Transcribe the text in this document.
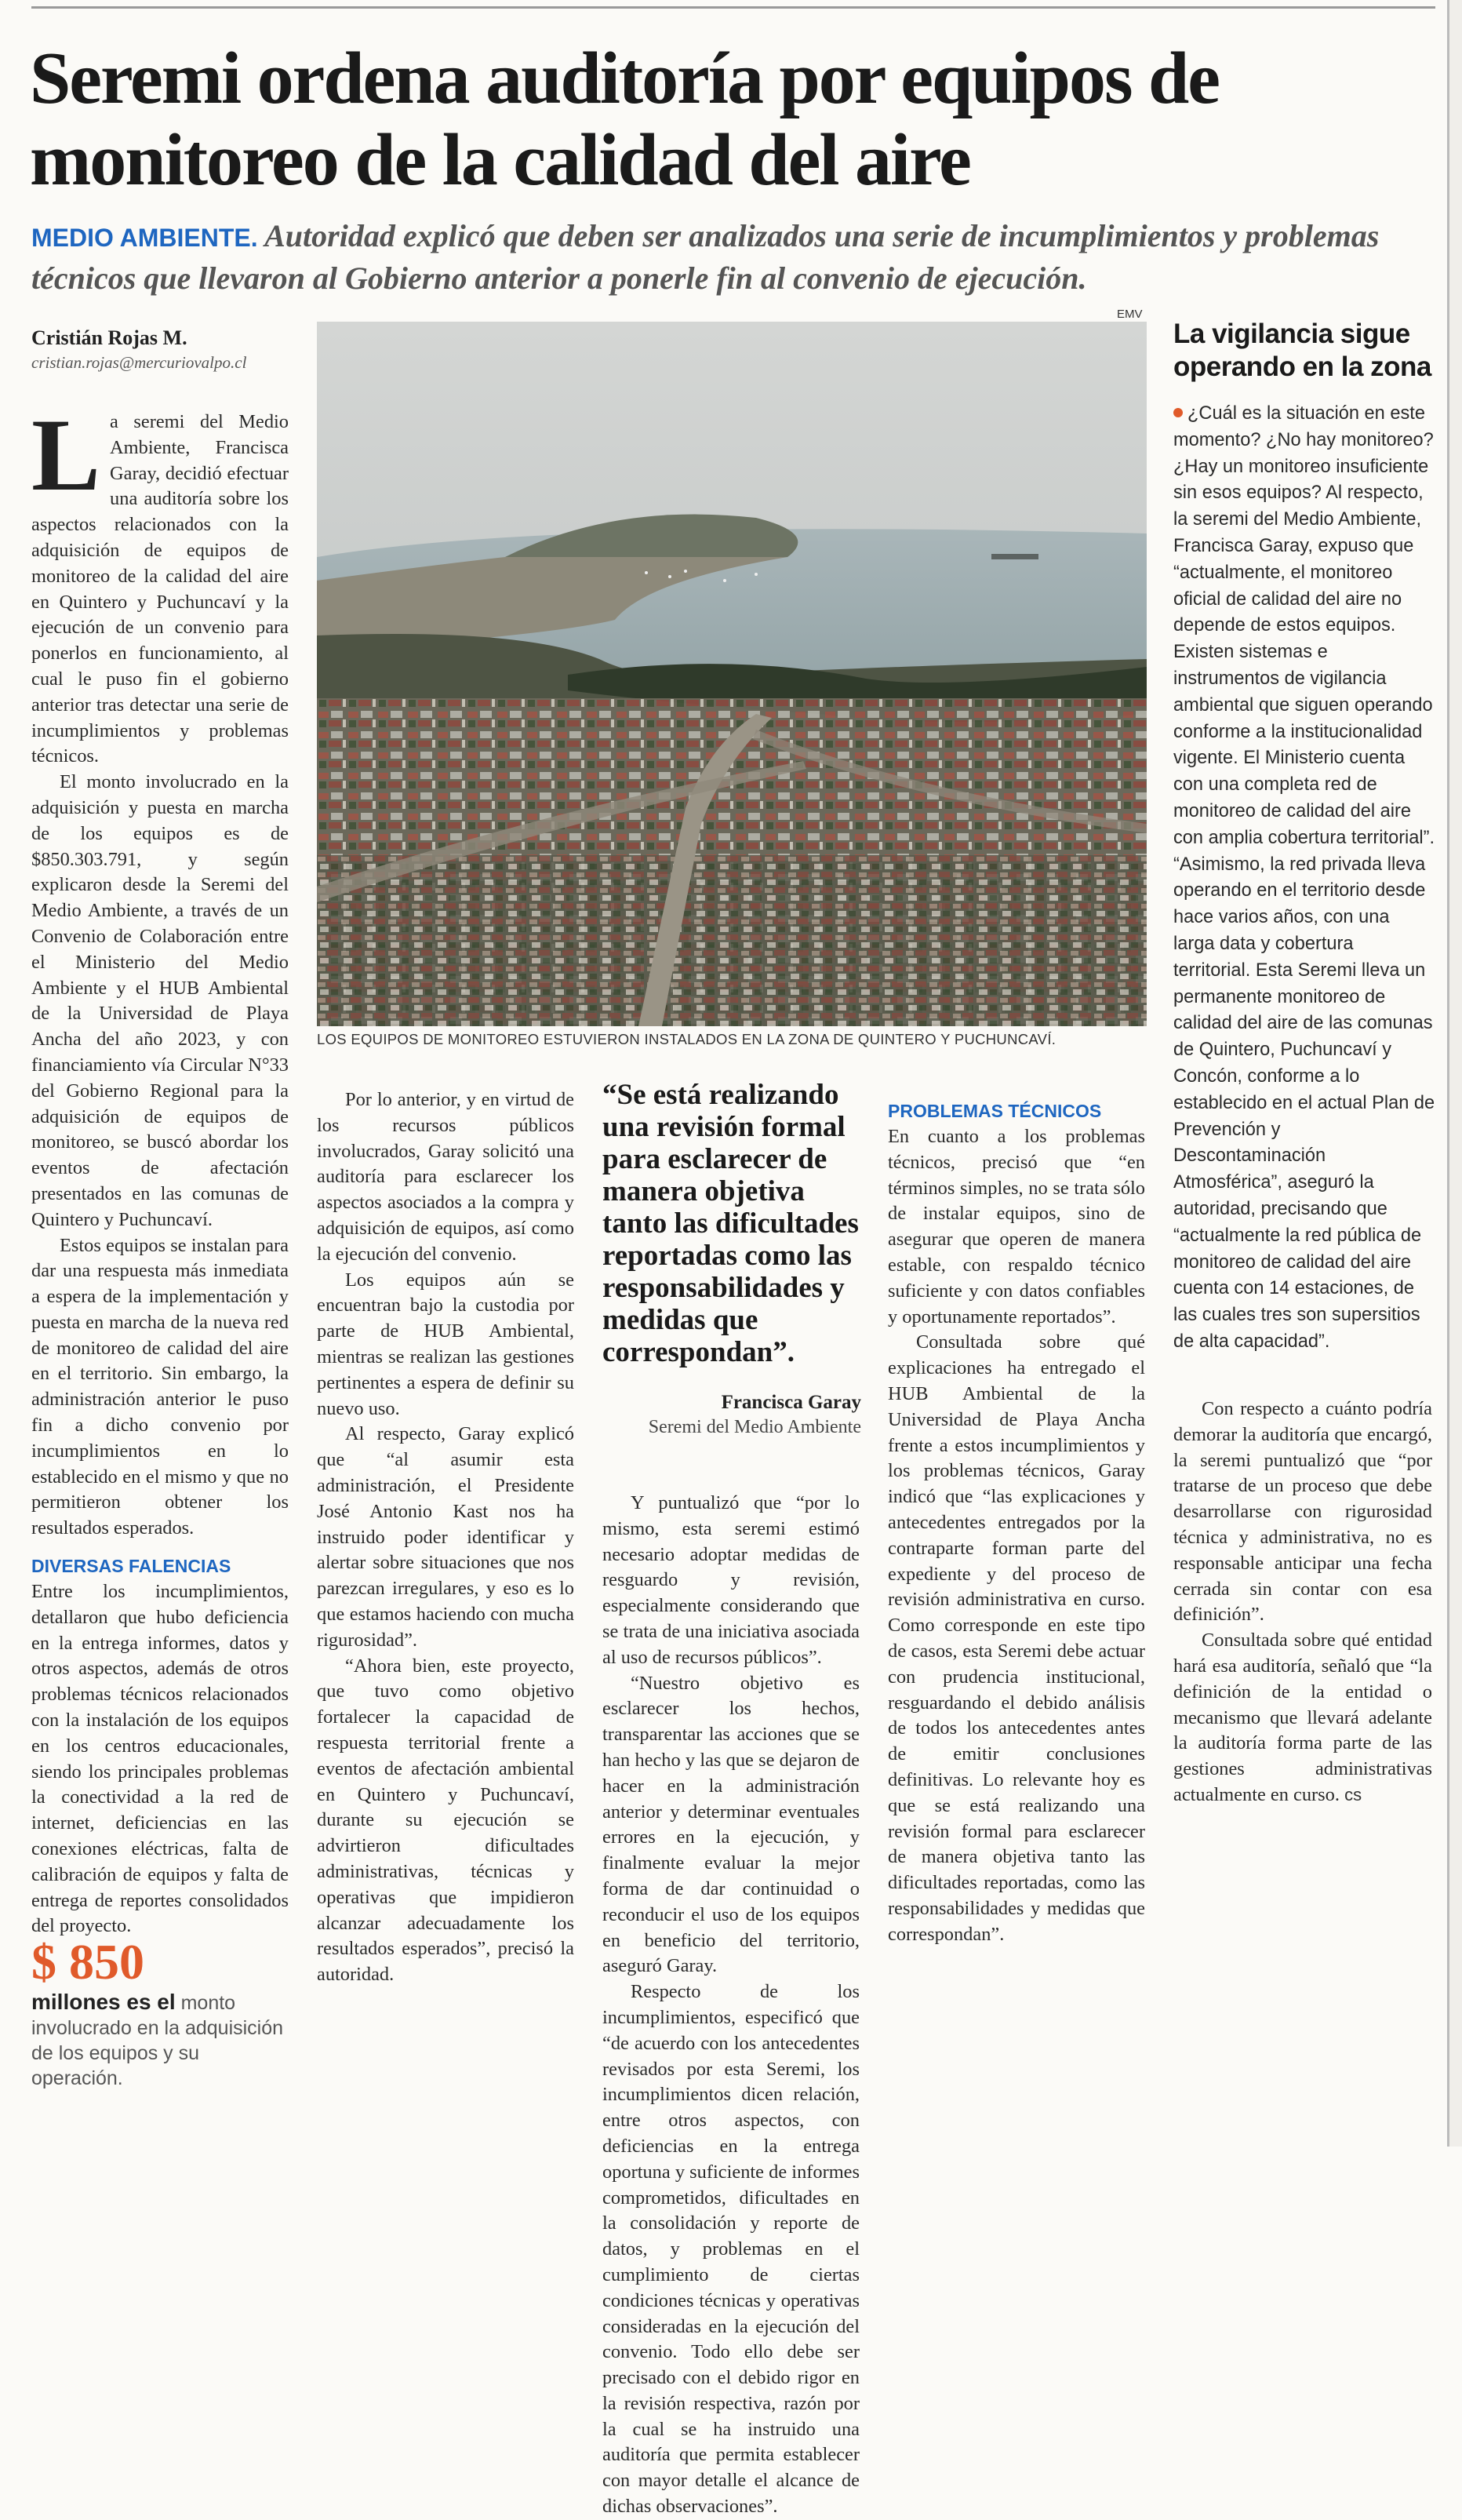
Seremi ordena auditoría por equipos de monitoreo de la calidad del aire
MEDIO AMBIENTE. Autoridad explicó que deben ser analizados una serie de incumplimientos y problemas técnicos que llevaron al Gobierno anterior a ponerle fin al convenio de ejecución.
EMV
Cristián Rojas M.
cristian.rojas@mercuriovalpo.cl
LOS EQUIPOS DE MONITOREO ESTUVIERON INSTALADOS EN LA ZONA DE QUINTERO Y PUCHUNCAVÍ.

La seremi del Medio Ambiente, Francisca Garay, decidió efectuar una auditoría sobre los aspectos relacionados con la adquisición de equipos de monitoreo de la calidad del aire en Quintero y Puchuncaví y la ejecución de un convenio para ponerlos en funcionamiento, al cual le puso fin el gobierno anterior tras detectar una serie de incumplimientos y problemas técnicos.

El monto involucrado en la adquisición y puesta en marcha de los equipos es de $850.303.791, y según explicaron desde la Seremi del Medio Ambiente, a través de un Convenio de Colaboración entre el Ministerio del Medio Ambiente y el HUB Ambiental de la Universidad de Playa Ancha del año 2023, y con financiamiento vía Circular N°33 del Gobierno Regional para la adquisición de equipos de monitoreo, se buscó abordar los eventos de afectación presentados en las comunas de Quintero y Puchuncaví.

Estos equipos se instalan para dar una respuesta más inmediata a espera de la implementación y puesta en marcha de la nueva red de monitoreo de calidad del aire en el territorio. Sin embargo, la administración anterior le puso fin a dicho convenio por incumplimientos en lo establecido en el mismo y que no permitieron obtener los resultados esperados.

DIVERSAS FALENCIAS

Entre los incumplimientos, detallaron que hubo deficiencia en la entrega informes, datos y otros aspectos, además de otros problemas técnicos relacionados con la instalación de los equipos en los centros educacionales, siendo los principales problemas la conectividad a la red de internet, deficiencias en las conexiones eléctricas, falta de calibración de equipos y falta de entrega de reportes consolidados del proyecto.

$ 850
millones es el monto involucrado en la adquisición de los equipos y su operación.

Por lo anterior, y en virtud de los recursos públicos involucrados, Garay solicitó una auditoría para esclarecer los aspectos asociados a la compra y adquisición de equipos, así como la ejecución del convenio.

Los equipos aún se encuentran bajo la custodia por parte de HUB Ambiental, mientras se realizan las gestiones pertinentes a espera de definir su nuevo uso.

Al respecto, Garay explicó que “al asumir esta administración, el Presidente José Antonio Kast nos ha instruido poder identificar y alertar sobre situaciones que nos parezcan irregulares, y eso es lo que estamos haciendo con mucha rigurosidad”.

“Ahora bien, este proyecto, que tuvo como objetivo fortalecer la capacidad de respuesta territorial frente a eventos de afectación ambiental en Quintero y Puchuncaví, durante su ejecución se advirtieron dificultades administrativas, técnicas y operativas que impidieron alcanzar adecuadamente los resultados esperados”, precisó la autoridad.

“Se está realizando una revisión formal para esclarecer de manera objetiva tanto las dificultades reportadas como las responsabilidades y medidas que correspondan”.
Francisca Garay
Seremi del Medio Ambiente

Y puntualizó que “por lo mismo, esta seremi estimó necesario adoptar medidas de resguardo y revisión, especialmente considerando que se trata de una iniciativa asociada al uso de recursos públicos”.

“Nuestro objetivo es esclarecer los hechos, transparentar las acciones que se han hecho y las que se dejaron de hacer en la administración anterior y determinar eventuales errores en la ejecución, y finalmente evaluar la mejor forma de dar continuidad o reconducir el uso de los equipos en beneficio del territorio, aseguró Garay.

Respecto de los incumplimientos, especificó que “de acuerdo con los antecedentes revisados por esta Seremi, los incumplimientos dicen relación, entre otros aspectos, con deficiencias en la entrega oportuna y suficiente de informes comprometidos, dificultades en la consolidación y reporte de datos, y problemas en el cumplimiento de ciertas condiciones técnicas y operativas consideradas en la ejecución del convenio. Todo ello debe ser precisado con el debido rigor en la revisión respectiva, razón por la cual se ha instruido una auditoría que permita establecer con mayor detalle el alcance de dichas observaciones”.

PROBLEMAS TÉCNICOS

En cuanto a los problemas técnicos, precisó que “en términos simples, no se trata sólo de instalar equipos, sino de asegurar que operen de manera estable, con respaldo técnico suficiente y con datos confiables y oportunamente reportados”.

Consultada sobre qué explicaciones ha entregado el HUB Ambiental de la Universidad de Playa Ancha frente a estos incumplimientos y los problemas técnicos, Garay indicó que “las explicaciones y antecedentes entregados por la contraparte forman parte del expediente y del proceso de revisión administrativa en curso. Como corresponde en este tipo de casos, esta Seremi debe actuar con prudencia institucional, resguardando el debido análisis de todos los antecedentes antes de emitir conclusiones definitivas. Lo relevante hoy es que se está realizando una revisión formal para esclarecer de manera objetiva tanto las dificultades reportadas, como las responsabilidades y medidas que correspondan”.

Con respecto a cuánto podría demorar la auditoría que encargó, la seremi puntualizó que “por tratarse de un proceso que debe desarrollarse con rigurosidad técnica y administrativa, no es responsable anticipar una fecha cerrada sin contar con esa definición”.

Consultada sobre qué entidad hará esa auditoría, señaló que “la definición de la entidad o mecanismo que llevará adelante la auditoría forma parte de las gestiones administrativas actualmente en curso. cs

La vigilancia sigue operando en la zona
¿Cuál es la situación en este momento? ¿No hay monitoreo? ¿Hay un monitoreo insuficiente sin esos equipos? Al respecto, la seremi del Medio Ambiente, Francisca Garay, expuso que “actualmente, el monitoreo oficial de calidad del aire no depende de estos equipos. Existen sistemas e instrumentos de vigilancia ambiental que siguen operando conforme a la institucionalidad vigente. El Ministerio cuenta con una completa red de monitoreo de calidad del aire con amplia cobertura territorial”. “Asimismo, la red privada lleva operando en el territorio desde hace varios años, con una larga data y cobertura territorial. Esta Seremi lleva un permanente monitoreo de calidad del aire de las comunas de Quintero, Puchuncaví y Concón, conforme a lo establecido en el actual Plan de Prevención y Descontaminación Atmosférica”, aseguró la autoridad, precisando que “actualmente la red pública de monitoreo de calidad del aire cuenta con 14 estaciones, de las cuales tres son supersitios de alta capacidad”.
